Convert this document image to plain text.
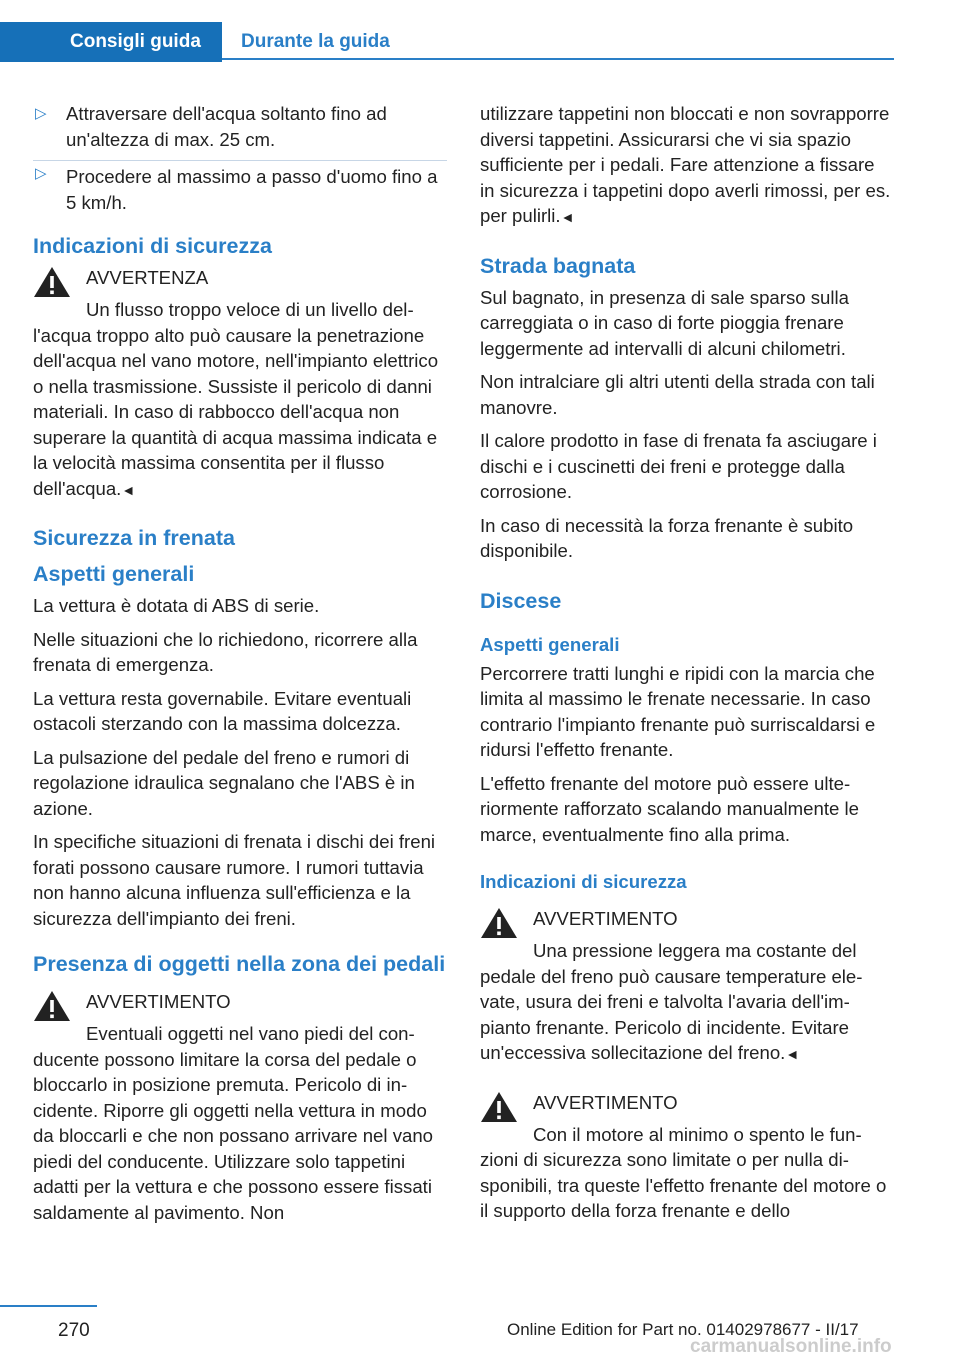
Consigli guida	Durante la guida
▷ Attraversare dell'acqua soltanto fino ad un'altezza di max. 25 cm.
▷ Procedere al massimo a passo d'uomo fino a 5 km/h.
Indicazioni di sicurezza
AVVERTENZA
Un flusso troppo veloce di un livello del-
l'acqua troppo alto può causare la penetrazione dell'acqua nel vano motore, nell'impianto elettrico o nella trasmissione. Sussiste il pericolo di danni materiali. In caso di rabbocco dell'acqua non superare la quantità di acqua massima indicata e la velocità massima consentita per il flusso dell'acqua.◄
Sicurezza in frenata
Aspetti generali

La vettura è dotata di ABS di serie.

Nelle situazioni che lo richiedono, ricorrere alla frenata di emergenza.

La vettura resta governabile. Evitare eventuali ostacoli sterzando con la massima dolcezza.

La pulsazione del pedale del freno e rumori di regolazione idraulica segnalano che l'ABS è in azione.

In specifiche situazioni di frenata i dischi dei freni forati possono causare rumore. I rumori tuttavia non hanno alcuna influenza sull'efficienza e la sicurezza dell'impianto dei freni.

Presenza di oggetti nella zona dei pedali
AVVERTIMENTO
Eventuali oggetti nel vano piedi del con-
ducente possono limitare la corsa del pedale o bloccarlo in posizione premuta. Pericolo di incidente. Riporre gli oggetti nella vettura in modo da bloccarli e che non possano arrivare nel vano piedi del conducente. Utilizzare solo tappetini adatti per la vettura e che possono essere fissati saldamente al pavimento. Non

utilizzare tappetini non bloccati e non sovrapporre diversi tappetini. Assicurarsi che vi sia spazio sufficiente per i pedali. Fare attenzione a fissare in sicurezza i tappetini dopo averli rimossi, per es. per pulirli.◄

Strada bagnata

Sul bagnato, in presenza di sale sparso sulla carreggiata o in caso di forte pioggia frenare leggermente ad intervalli di alcuni chilometri.

Non intralciare gli altri utenti della strada con tali manovre.

Il calore prodotto in fase di frenata fa asciugare i dischi e i cuscinetti dei freni e protegge dalla corrosione.

In caso di necessità la forza frenante è subito disponibile.

Discese
Aspetti generali

Percorrere tratti lunghi e ripidi con la marcia che limita al massimo le frenate necessarie. In caso contrario l'impianto frenante può surriscaldarsi e ridursi l'effetto frenante.

L'effetto frenante del motore può essere ulteriormente rafforzato scalando manualmente le marce, eventualmente fino alla prima.

Indicazioni di sicurezza
AVVERTIMENTO
Una pressione leggera ma costante del
pedale del freno può causare temperature elevate, usura dei freni e talvolta l'avaria dell'impianto frenante. Pericolo di incidente. Evitare un'eccessiva sollecitazione del freno.◄
AVVERTIMENTO
Con il motore al minimo o spento le fun-
zioni di sicurezza sono limitate o per nulla disponibili, tra queste l'effetto frenante del motore o il supporto della forza frenante e dello
270	Online Edition for Part no. 01402978677 - II/17
carmanualsonline.info
